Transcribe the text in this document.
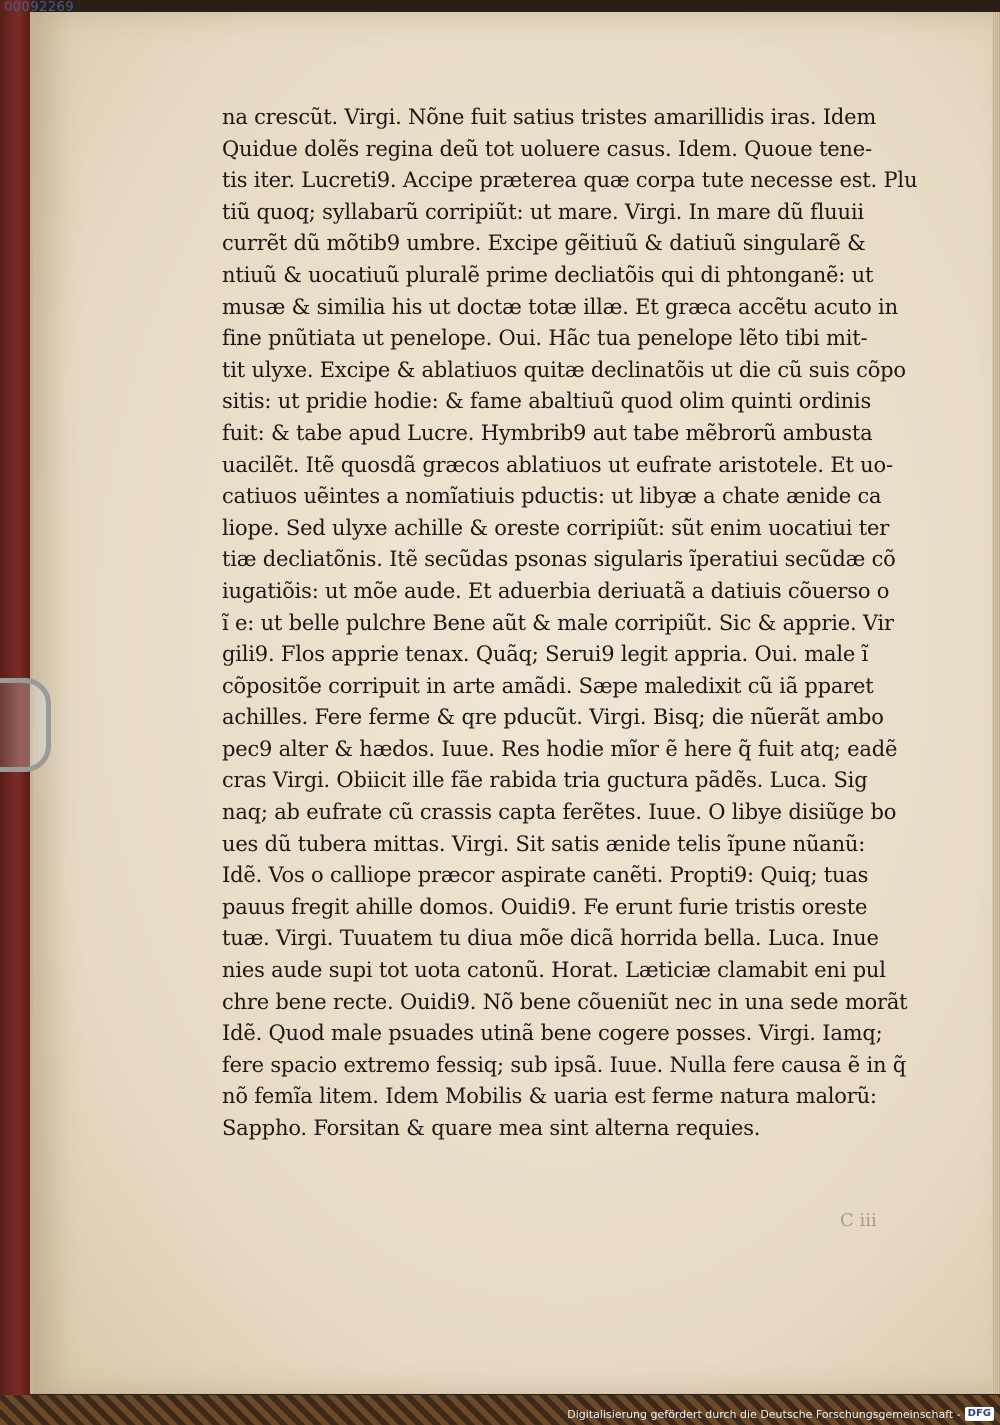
00092269
na crescũt. Virgi. Nõne fuit satius tristes amarillidis iras. Idem
Quidue dolẽs regina deũ tot uoluere casus. Idem. Quoue tene-
tis iter. Lucreti9. Accipe præterea quæ corpa tute necesse est. Plu
tiũ quoq; syllabarũ corripiũt: ut mare. Virgi. In mare dũ fluuii
currẽt dũ mõtib9 umbre. Excipe gẽitiuũ & datiuũ singularẽ &
ntiuũ & uocatiuũ pluralẽ prime decliatõis qui di phtonganẽ: ut
musæ & similia his ut doctæ totæ illæ. Et græca accẽtu acuto in
fine pnũtiata ut penelope. Oui. Hãc tua penelope lẽto tibi mit-
tit ulyxe. Excipe & ablatiuos quitæ declinatõis ut die cũ suis cõpo
sitis: ut pridie hodie: & fame abaltiuũ quod olim quinti ordinis
fuit: & tabe apud Lucre. Hymbrib9 aut tabe mẽbrorũ ambusta
uacilẽt. Itẽ quosdã græcos ablatiuos ut eufrate aristotele. Et uo-
catiuos uẽintes a nomĩatiuis pductis: ut libyæ a chate ænide ca
liope. Sed ulyxe achille & oreste corripiũt: sũt enim uocatiui ter
tiæ decliatõnis. Itẽ secũdas psonas sigularis ĩperatiui secũdæ cõ
iugatiõis: ut mõe aude. Et aduerbia deriuatã a datiuis cõuerso o
ĩ e: ut belle pulchre Bene aũt & male corripiũt. Sic & apprie. Vir
gili9. Flos apprie tenax. Quãq; Serui9 legit appria. Oui. male ĩ
cõpositõe corripuit in arte amãdi. Sæpe maledixit cũ iã pparet
achilles. Fere ferme & qre pducũt. Virgi. Bisq; die nũerãt ambo
pec9 alter & hædos. Iuue. Res hodie mĩor ẽ here q̃ fuit atq; eadẽ
cras Virgi. Obiicit ille fãe rabida tria guctura pãdẽs. Luca. Sig
naq; ab eufrate cũ crassis capta ferẽtes. Iuue. O libye disiũge bo
ues dũ tubera mittas. Virgi. Sit satis ænide telis ĩpune nũanũ:
Idẽ. Vos o calliope præcor aspirate canẽti. Propti9: Quiq; tuas
pauus fregit ahille domos. Ouidi9. Fe erunt furie tristis oreste
tuæ. Virgi. Tuuatem tu diua mõe dicã horrida bella. Luca. Inue
nies aude supi tot uota catonũ. Horat. Læticiæ clamabit eni pul
chre bene recte. Ouidi9. Nõ bene cõueniũt nec in una sede morãt
Idẽ. Quod male psuades utinã bene cogere posses. Virgi. Iamq;
fere spacio extremo fessiq; sub ipsã. Iuue. Nulla fere causa ẽ in q̃
nõ femĩa litem. Idem Mobilis & uaria est ferme natura malorũ:
Sappho. Forsitan & quare mea sint alterna requies.
C iii
Digitalisierung gefördert durch die Deutsche Forschungsgemeinschaft - DFG
